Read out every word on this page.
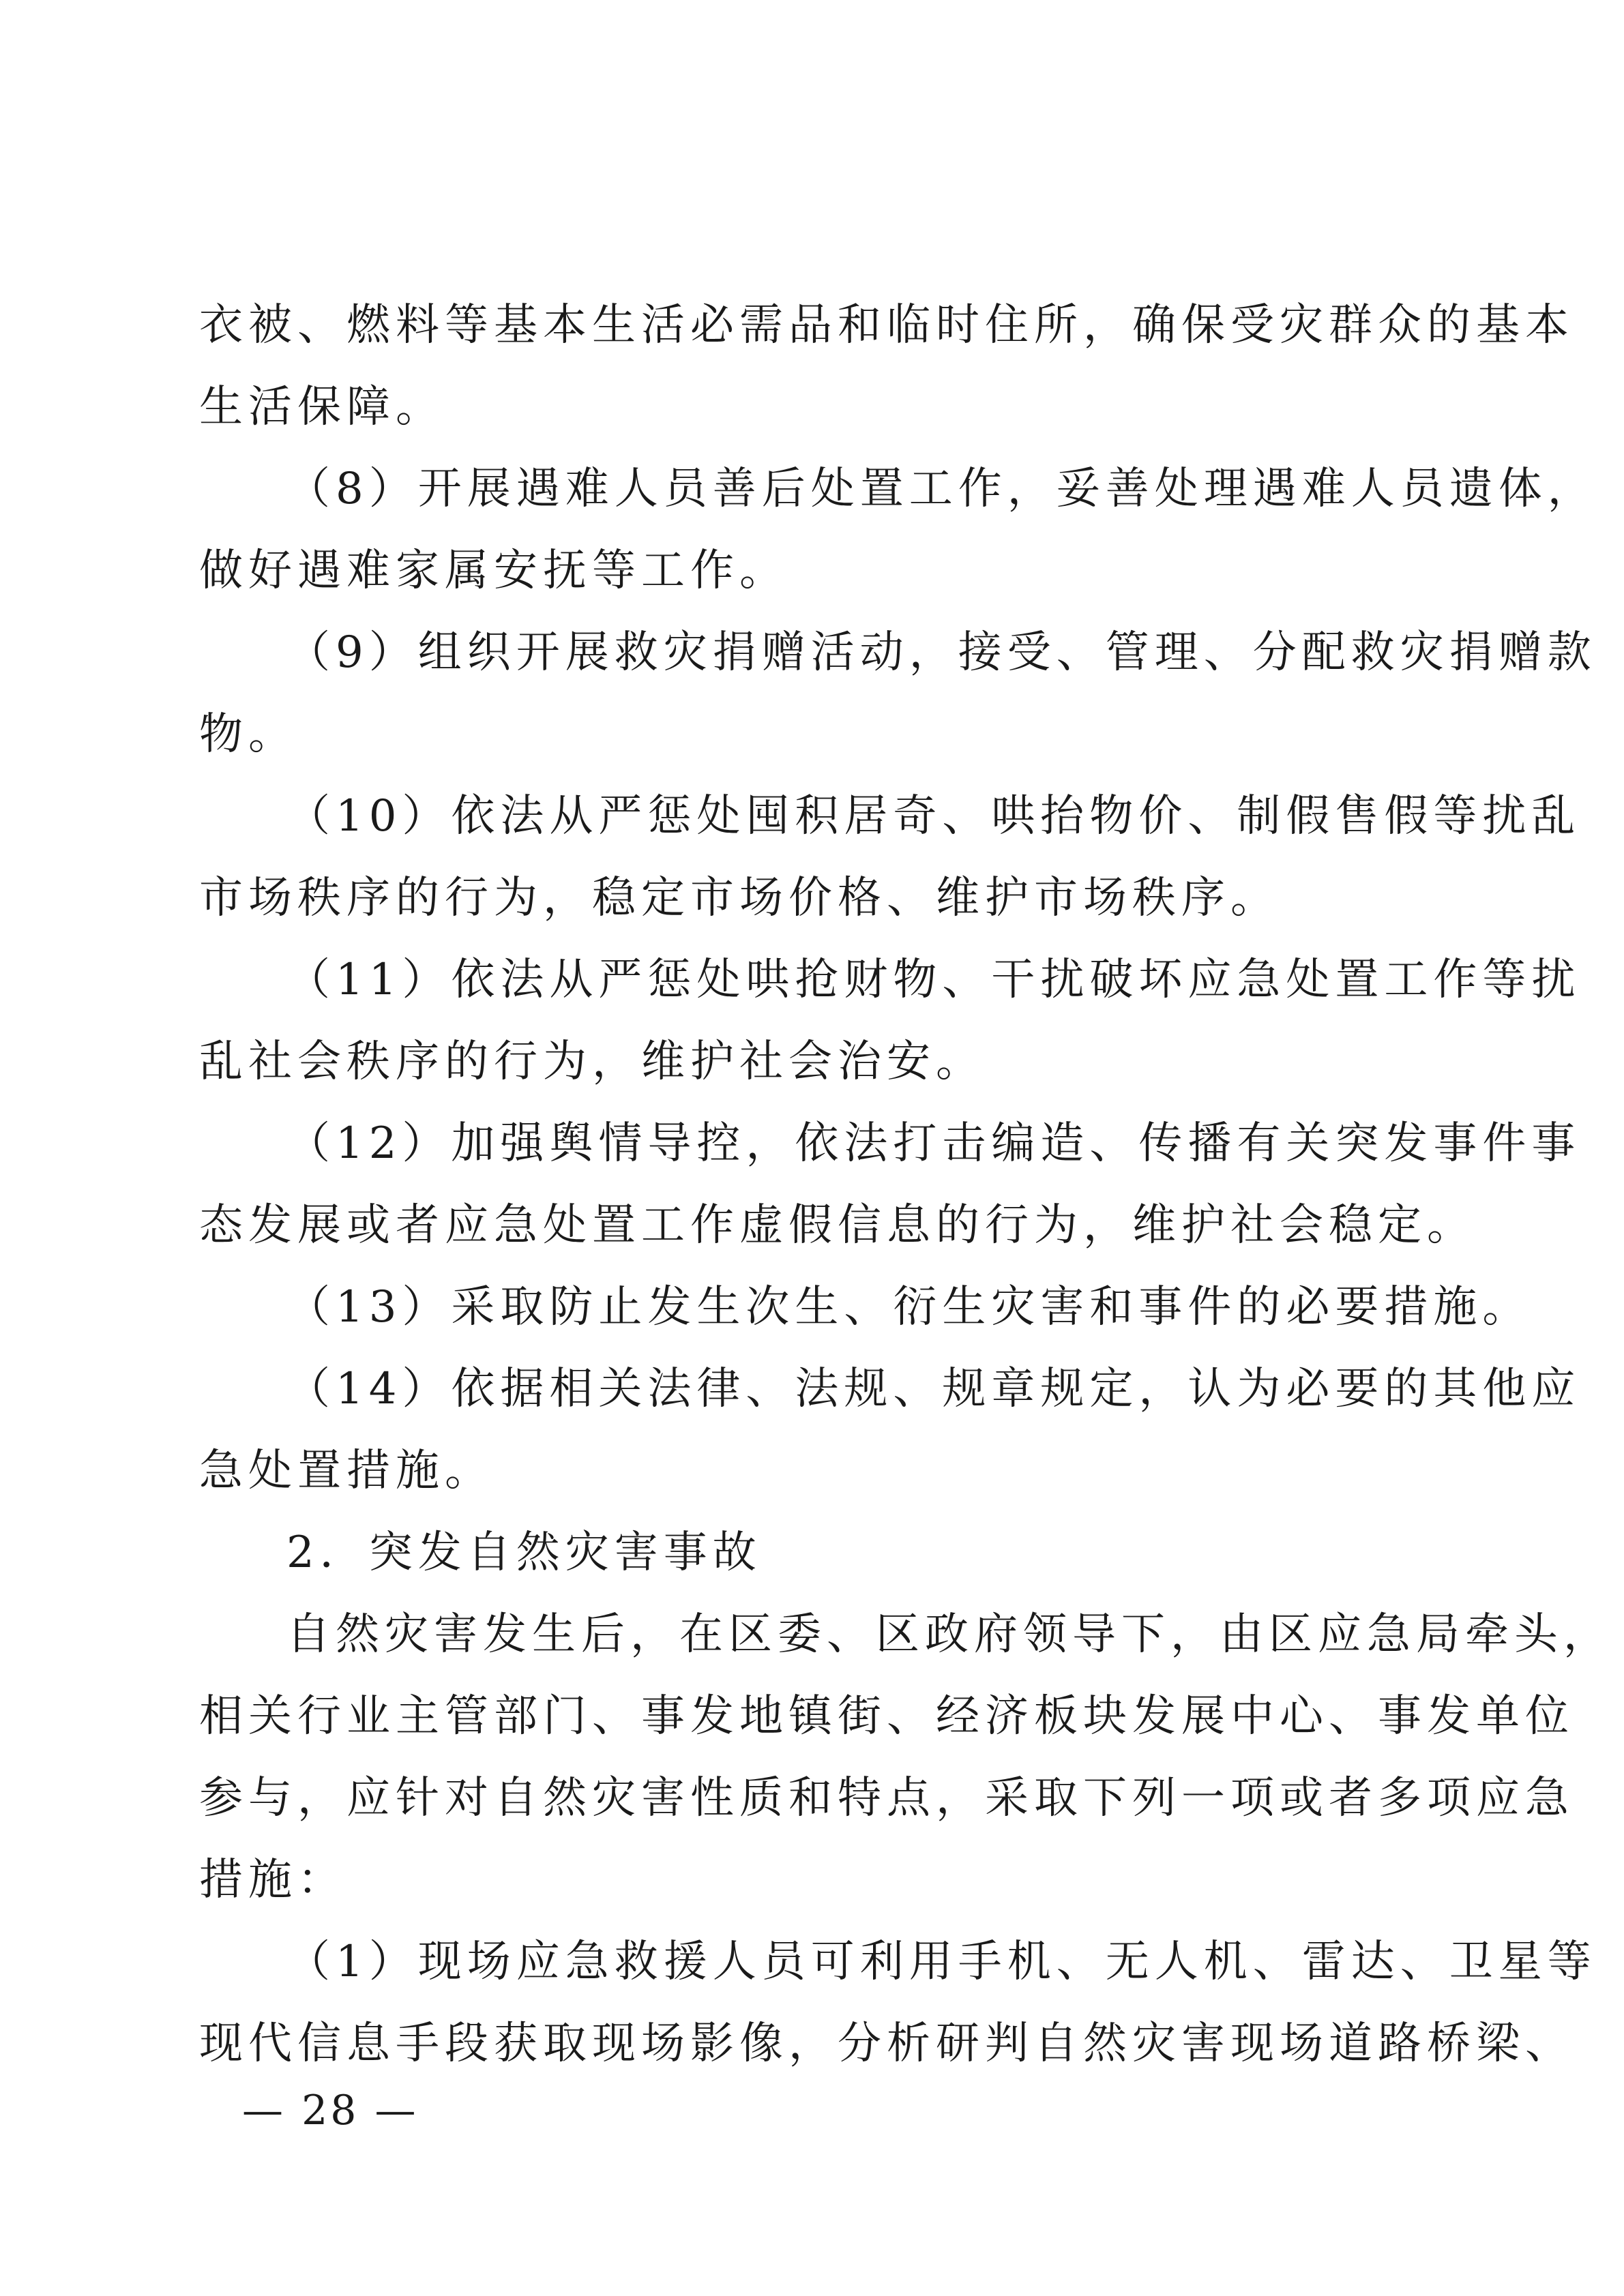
衣被、燃料等基本生活必需品和临时住所，确保受灾群众的基本
生活保障。
（8）开展遇难人员善后处置工作，妥善处理遇难人员遗体，
做好遇难家属安抚等工作。
（9）组织开展救灾捐赠活动，接受、管理、分配救灾捐赠款
物。
（10）依法从严惩处囤积居奇、哄抬物价、制假售假等扰乱
市场秩序的行为，稳定市场价格、维护市场秩序。
（11）依法从严惩处哄抢财物、干扰破坏应急处置工作等扰
乱社会秩序的行为，维护社会治安。
（12）加强舆情导控，依法打击编造、传播有关突发事件事
态发展或者应急处置工作虚假信息的行为，维护社会稳定。
（13）采取防止发生次生、衍生灾害和事件的必要措施。
（14）依据相关法律、法规、规章规定，认为必要的其他应
急处置措施。
2．突发自然灾害事故
自然灾害发生后，在区委、区政府领导下，由区应急局牵头，
相关行业主管部门、事发地镇街、经济板块发展中心、事发单位
参与，应针对自然灾害性质和特点，采取下列一项或者多项应急
措施：
（1）现场应急救援人员可利用手机、无人机、雷达、卫星等
现代信息手段获取现场影像，分析研判自然灾害现场道路桥梁、
— 28 —
